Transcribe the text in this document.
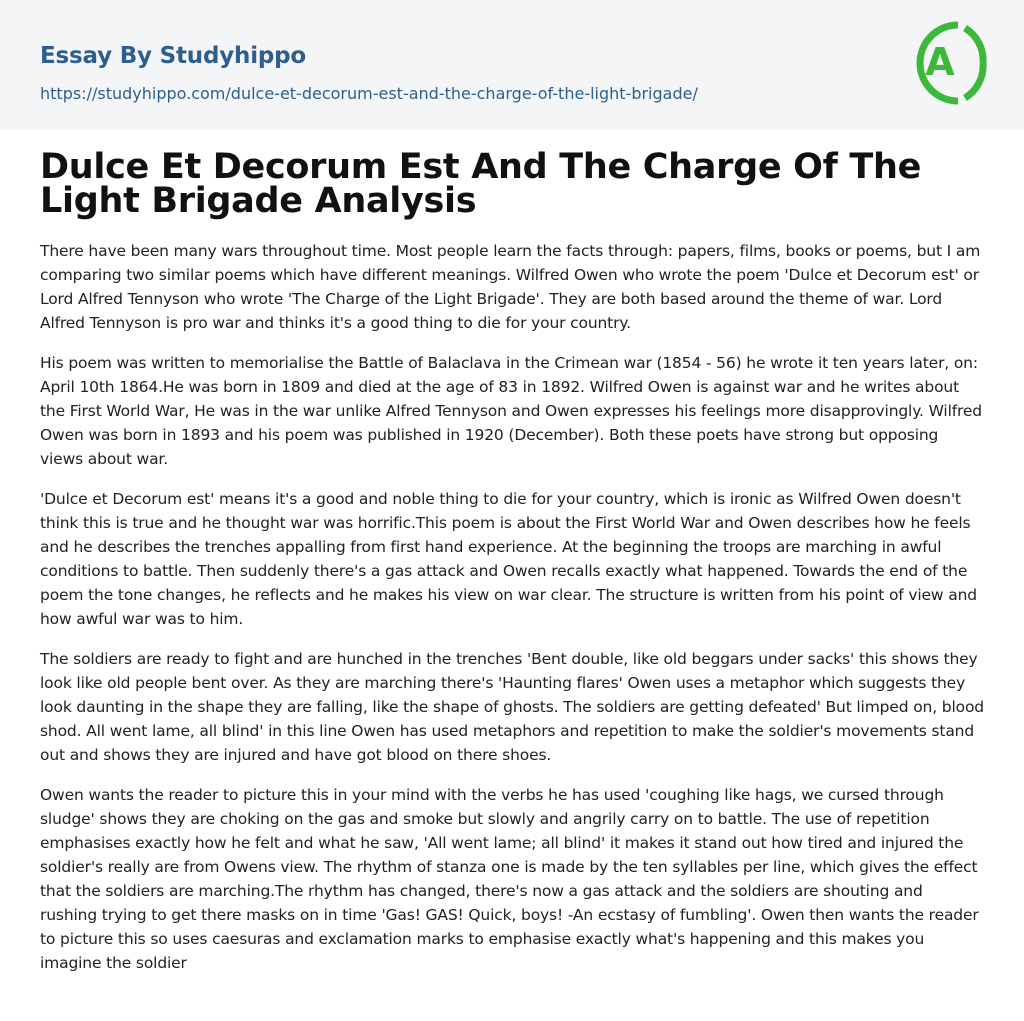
Essay By Studyhippo
https://studyhippo.com/dulce-et-decorum-est-and-the-charge-of-the-light-brigade/
A
Dulce Et Decorum Est And The Charge Of The Light Brigade Analysis

There have been many wars throughout time. Most people learn the facts through: papers, films, books or poems, but I am comparing two similar poems which have different meanings. Wilfred Owen who wrote the poem 'Dulce et Decorum est' or Lord Alfred Tennyson who wrote 'The Charge of the Light Brigade'. They are both based around the theme of war. Lord Alfred Tennyson is pro war and thinks it's a good thing to die for your country.

His poem was written to memorialise the Battle of Balaclava in the Crimean war (1854 - 56) he wrote it ten years later, on: April 10th 1864.He was born in 1809 and died at the age of 83 in 1892. Wilfred Owen is against war and he writes about the First World War, He was in the war unlike Alfred Tennyson and Owen expresses his feelings more disapprovingly. Wilfred Owen was born in 1893 and his poem was published in 1920 (December). Both these poets have strong but opposing views about war.

'Dulce et Decorum est' means it's a good and noble thing to die for your country, which is ironic as Wilfred Owen doesn't think this is true and he thought war was horrific.This poem is about the First World War and Owen describes how he feels and he describes the trenches appalling from first hand experience. At the beginning the troops are marching in awful conditions to battle. Then suddenly there's a gas attack and Owen recalls exactly what happened. Towards the end of the poem the tone changes, he reflects and he makes his view on war clear. The structure is written from his point of view and how awful war was to him.

The soldiers are ready to fight and are hunched in the trenches 'Bent double, like old beggars under sacks' this shows they look like old people bent over. As they are marching there's 'Haunting flares' Owen uses a metaphor which suggests they look daunting in the shape they are falling, like the shape of ghosts. The soldiers are getting defeated' But limped on, blood shod. All went lame, all blind' in this line Owen has used metaphors and repetition to make the soldier's movements stand out and shows they are injured and have got blood on there shoes.

Owen wants the reader to picture this in your mind with the verbs he has used 'coughing like hags, we cursed through sludge' shows they are choking on the gas and smoke but slowly and angrily carry on to battle. The use of repetition emphasises exactly how he felt and what he saw, 'All went lame; all blind' it makes it stand out how tired and injured the soldier's really are from Owens view. The rhythm of stanza one is made by the ten syllables per line, which gives the effect that the soldiers are marching.The rhythm has changed, there's now a gas attack and the soldiers are shouting and rushing trying to get there masks on in time 'Gas! GAS! Quick, boys! -An ecstasy of fumbling'. Owen then wants the reader to picture this so uses caesuras and exclamation marks to emphasise exactly what's happening and this makes you imagine the soldier
